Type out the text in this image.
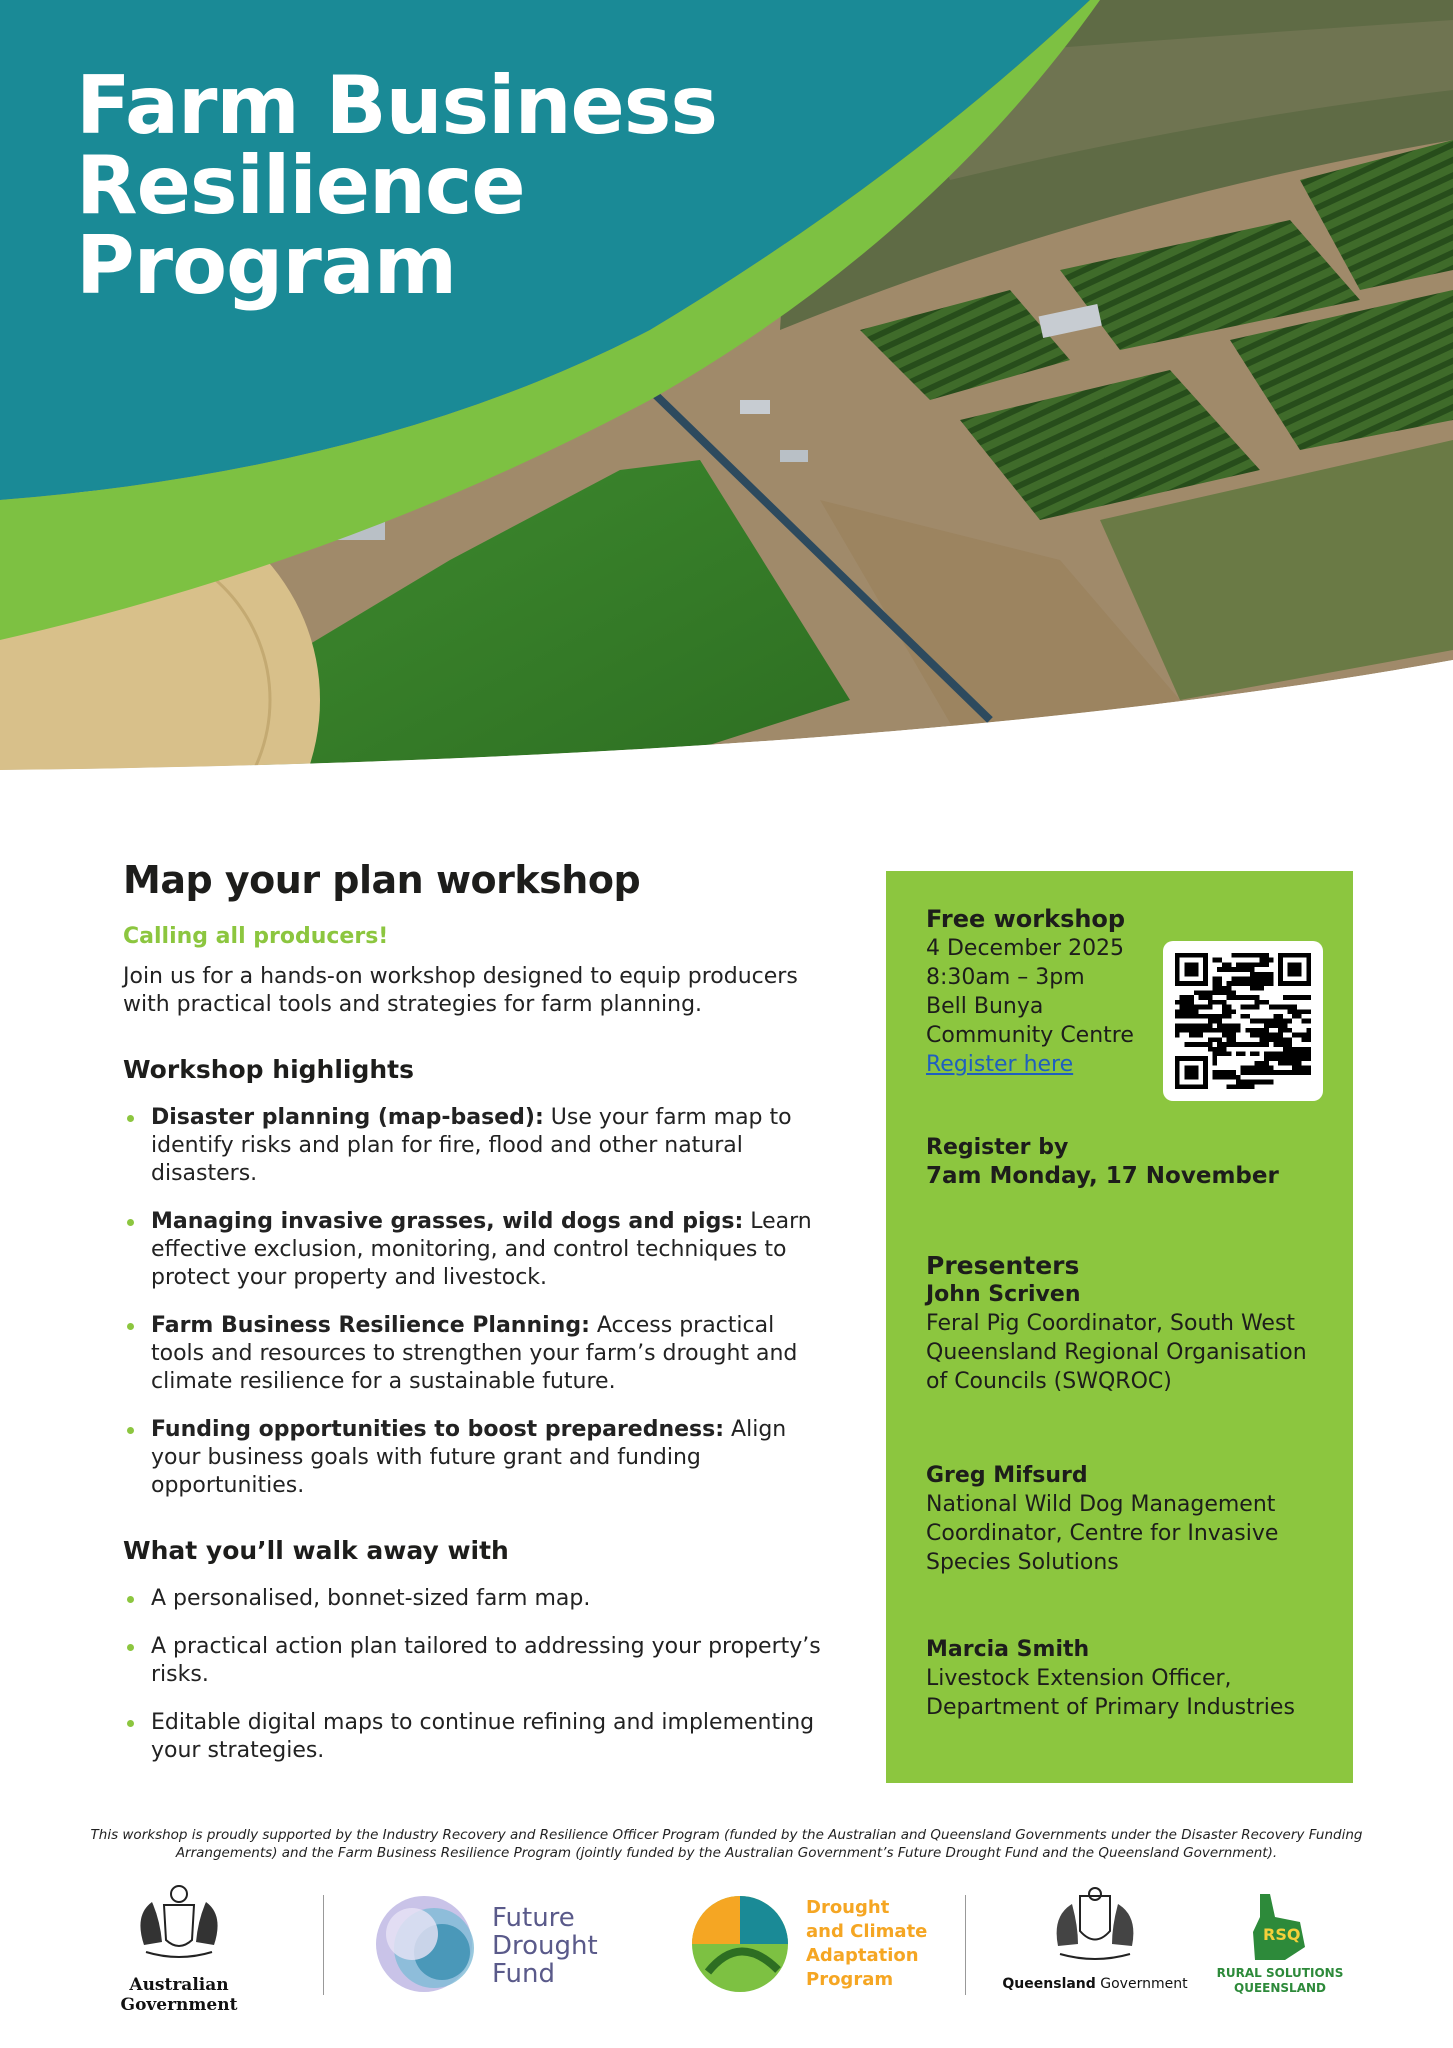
Farm Business
Resilience
Program
Map your plan workshop

Calling all producers!

Join us for a hands-on workshop designed to equip producers with practical tools and strategies for farm planning.

Workshop highlights
Disaster planning (map-based): Use your farm map to identify risks and plan for fire, flood and other natural disasters.
Managing invasive grasses, wild dogs and pigs: Learn effective exclusion, monitoring, and control techniques to protect your property and livestock.
Farm Business Resilience Planning: Access practical tools and resources to strengthen your farm’s drought and climate resilience for a sustainable future.
Funding opportunities to boost preparedness: Align your business goals with future grant and funding opportunities.
What you’ll walk away with
A personalised, bonnet-sized farm map.
A practical action plan tailored to addressing your property’s risks.
Editable digital maps to continue refining and implementing your strategies.
Free workshop

4 December 2025

8:30am – 3pm

Bell Bunya

Community Centre

Register here

Register by
7am Monday, 17 November
Presenters
John Scriven
Feral Pig Coordinator, South West Queensland Regional Organisation of Councils (SWQROC)
Greg Mifsurd
National Wild Dog Management Coordinator, Centre for Invasive Species Solutions
Marcia Smith
Livestock Extension Officer, Department of Primary Industries
This workshop is proudly supported by the Industry Recovery and Resilience Officer Program (funded by the Australian and Queensland Governments under the Disaster Recovery Funding Arrangements) and the Farm Business Resilience Program (jointly funded by the Australian Government’s Future Drought Fund and the Queensland Government).
Australian Government
Future
Drought
Fund
Drought
and Climate
Adaptation
Program	Queensland Government
RSQ
RURAL SOLUTIONS
QUEENSLAND
